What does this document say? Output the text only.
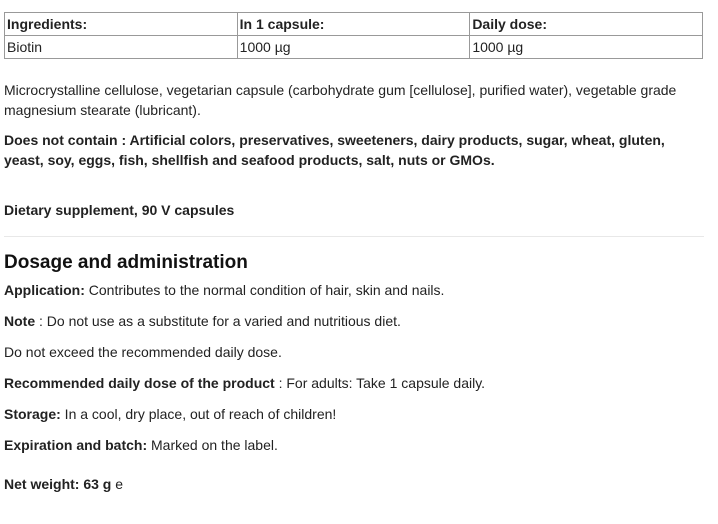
Ingredients:	In 1 capsule:	Daily dose:
Biotin	1000 µg	1000 µg

Microcrystalline cellulose, vegetarian capsule (carbohydrate gum [cellulose], purified water), vegetable grade magnesium stearate (lubricant).

Does not contain : Artificial colors, preservatives, sweeteners, dairy products, sugar, wheat, gluten, yeast, soy, eggs, fish, shellfish and seafood products, salt, nuts or GMOs.

Dietary supplement, 90 V capsules

Dosage and administration

Application: Contributes to the normal condition of hair, skin and nails.

Note : Do not use as a substitute for a varied and nutritious diet.

Do not exceed the recommended daily dose.

Recommended daily dose of the product : For adults: Take 1 capsule daily.

Storage: In a cool, dry place, out of reach of children!

Expiration and batch: Marked on the label.

Net weight: 63 g e
